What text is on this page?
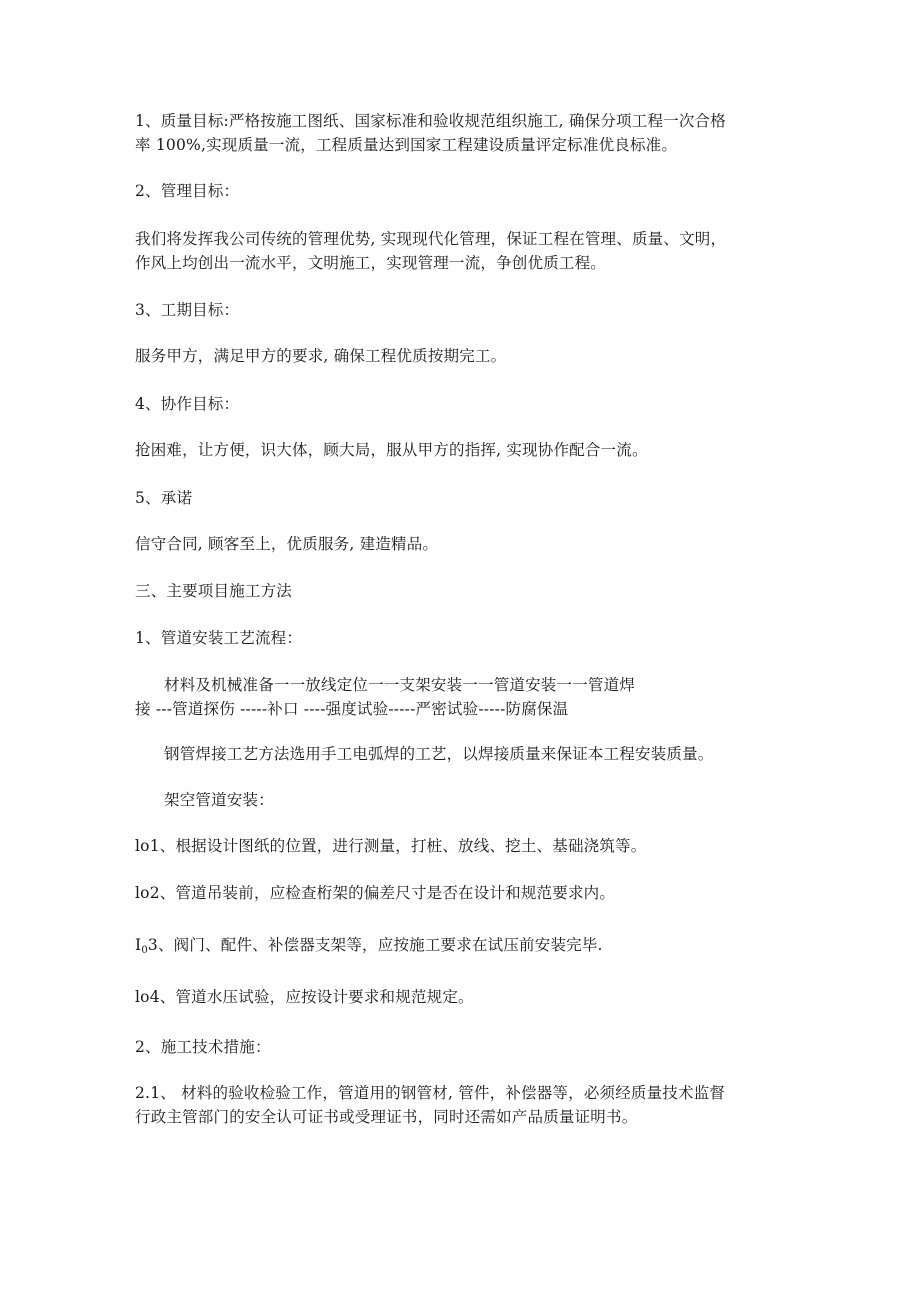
1、质量目标:严格按施工图纸、国家标准和验收规范组织施工, 确保分项工程一次合格
率 100%,实现质量一流，工程质量达到国家工程建设质量评定标准优良标准。
2、管理目标：
我们将发挥我公司传统的管理优势, 实现现代化管理，保证工程在管理、质量、文明，
作风上均创出一流水平，文明施工，实现管理一流，争创优质工程。
3、工期目标：
服务甲方，满足甲方的要求, 确保工程优质按期完工。
4、协作目标：
抢困难，让方便，识大体，顾大局，服从甲方的指挥, 实现协作配合一流。
5、承诺
信守合同, 顾客至上，优质服务, 建造精品。
三、主要项目施工方法
1、管道安装工艺流程：
材料及机械准备一一放线定位一一支架安装一一管道安装一一管道焊
接 ---管道探伤 -----补口 ----强度试验-----严密试验-----防腐保温
钢管焊接工艺方法选用手工电弧焊的工艺，以焊接质量来保证本工程安装质量。
架空管道安装：
lo1、根据设计图纸的位置，进行测量，打桩、放线、挖土、基础浇筑等。
lo2、管道吊装前，应检查桁架的偏差尺寸是否在设计和规范要求内。
$I_03$、阀门、配件、补偿器支架等，应按施工要求在试压前安装完毕.
lo4、管道水压试验，应按设计要求和规范规定。
2、施工技术措施：
2.1、 材料的验收检验工作，管道用的钢管材, 管件，补偿器等，必须经质量技术监督
行政主管部门的安全认可证书或受理证书，同时还需如产品质量证明书。
